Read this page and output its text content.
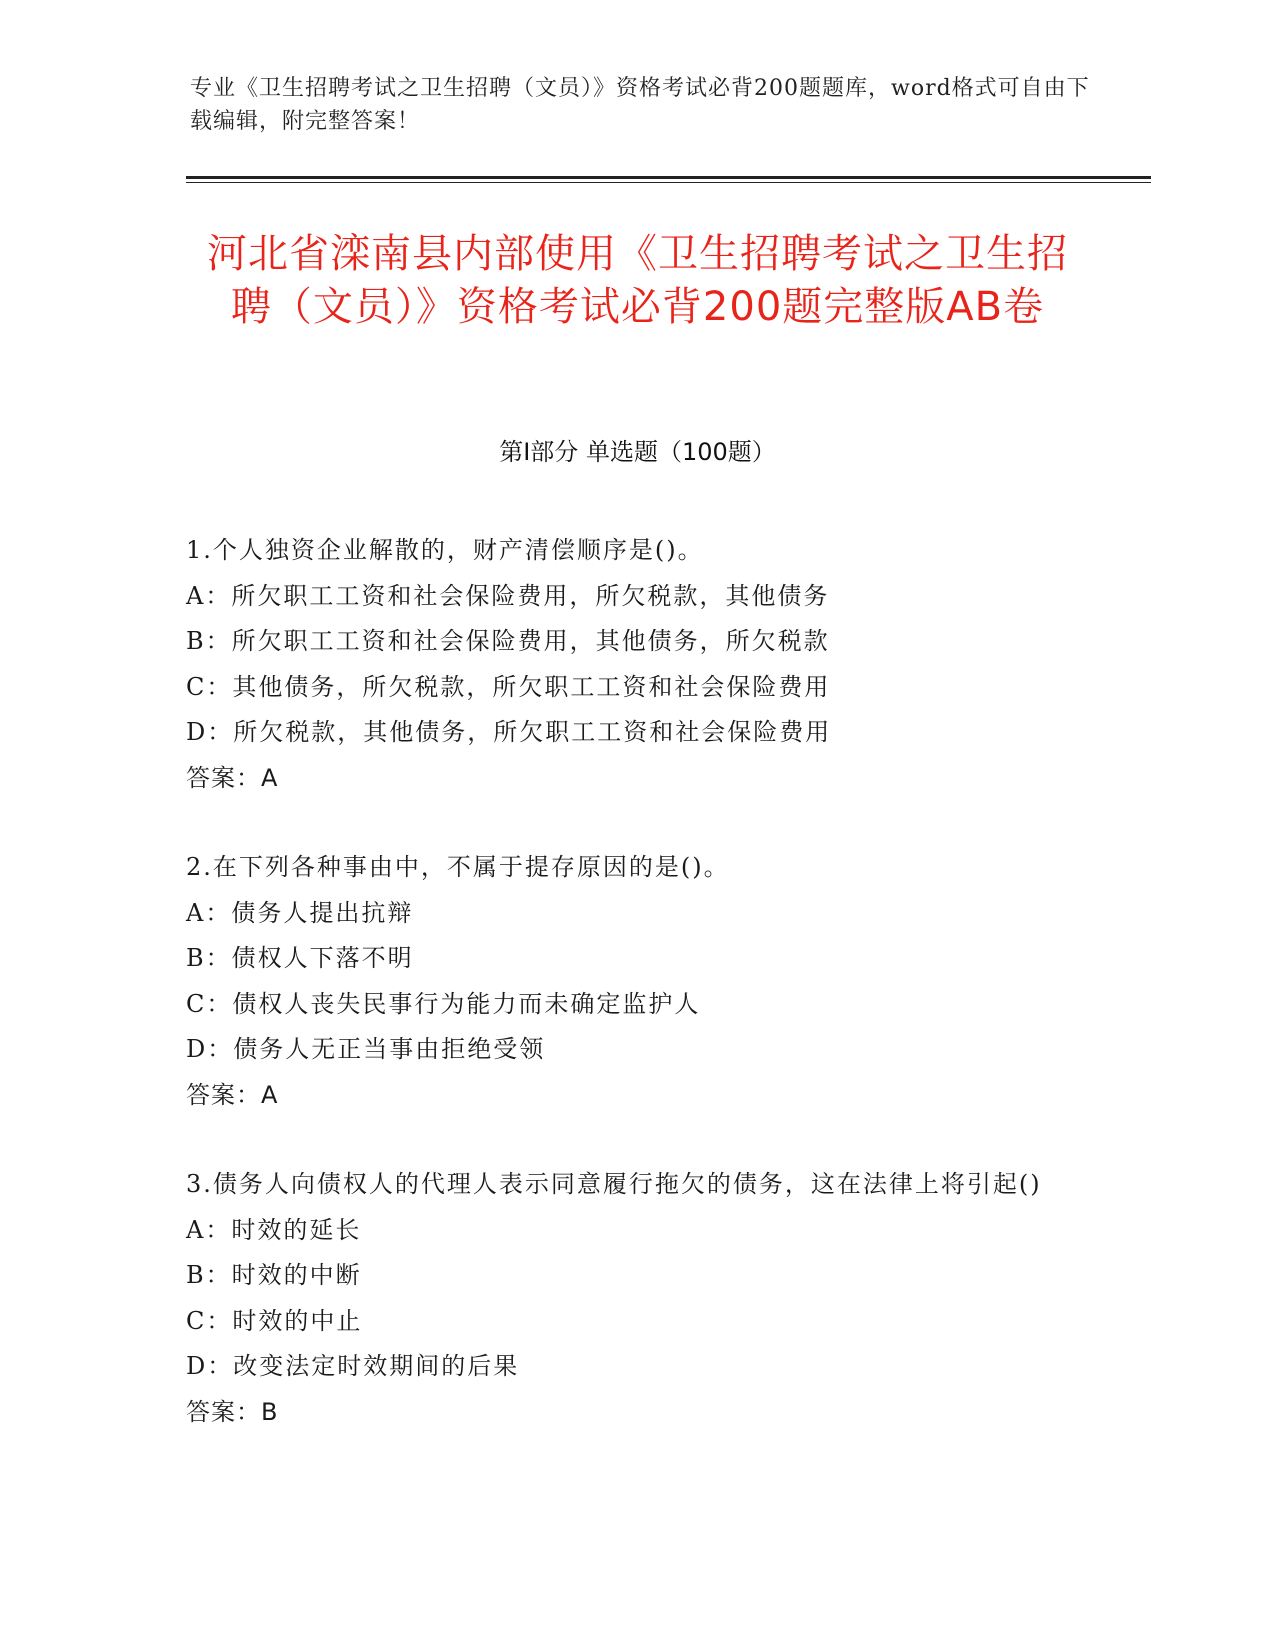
专业《卫生招聘考试之卫生招聘（文员）》资格考试必背200题题库，word格式可自由下载编辑，附完整答案！
河北省滦南县内部使用《卫生招聘考试之卫生招聘（文员）》资格考试必背200题完整版AB卷
第I部分 单选题（100题）
1.个人独资企业解散的，财产清偿顺序是()。
A：所欠职工工资和社会保险费用，所欠税款，其他债务
B：所欠职工工资和社会保险费用，其他债务，所欠税款
C：其他债务，所欠税款，所欠职工工资和社会保险费用
D：所欠税款，其他债务，所欠职工工资和社会保险费用
答案：A
2.在下列各种事由中，不属于提存原因的是()。
A：债务人提出抗辩
B：债权人下落不明
C：债权人丧失民事行为能力而未确定监护人
D：债务人无正当事由拒绝受领
答案：A
3.债务人向债权人的代理人表示同意履行拖欠的债务，这在法律上将引起()
A：时效的延长
B：时效的中断
C：时效的中止
D：改变法定时效期间的后果
答案：B
